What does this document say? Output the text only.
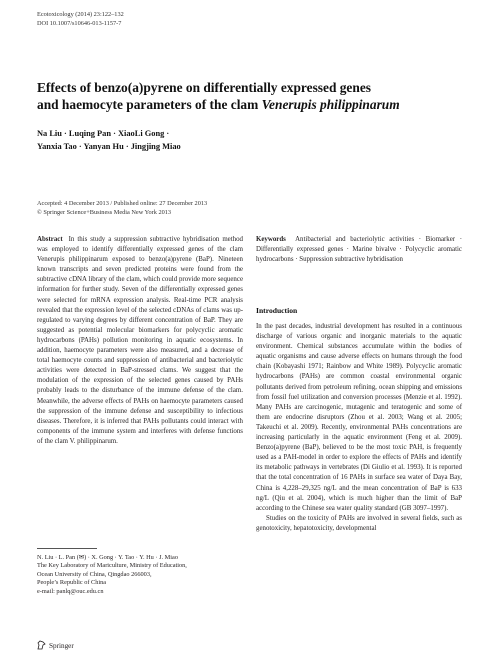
Ecotoxicology (2014) 23:122–132
DOI 10.1007/s10646-013-1157-7
Effects of benzo(a)pyrene on differentially expressed genes
and haemocyte parameters of the clam Venerupis philippinarum
Na Liu · Luqing Pan · XiaoLi Gong ·
Yanxia Tao · Yanyan Hu · Jingjing Miao
Accepted: 4 December 2013 / Published online: 27 December 2013
© Springer Science+Business Media New York 2013
Abstract In this study a suppression subtractive hybridisation method was employed to identify differentially expressed genes of the clam Venerupis philippinarum exposed to benzo(a)pyrene (BaP). Nineteen known transcripts and seven predicted proteins were found from the subtractive cDNA library of the clam, which could provide more sequence information for further study. Seven of the differentially expressed genes were selected for mRNA expression analysis. Real-time PCR analysis revealed that the expression level of the selected cDNAs of clams was up-regulated to varying degrees by different concentration of BaP. They are suggested as potential molecular biomarkers for polycyclic aromatic hydrocarbons (PAHs) pollution monitoring in aquatic ecosystems. In addition, haemocyte parameters were also measured, and a decrease of total haemocyte counts and suppression of antibacterial and bacteriolytic activities were detected in BaP-stressed clams. We suggest that the modulation of the expression of the selected genes caused by PAHs probably leads to the disturbance of the immune defense of the clam. Meanwhile, the adverse effects of PAHs on haemocyte parameters caused the suppression of the immune defense and susceptibility to infectious diseases. Therefore, it is inferred that PAHs pollutants could interact with components of the immune system and interferes with defense functions of the clam V. philippinarum.
Keywords Antibacterial and bacteriolytic activities · Biomarker · Differentially expressed genes · Marine bivalve · Polycyclic aromatic hydrocarbons · Suppression subtractive hybridisation
Introduction

In the past decades, industrial development has resulted in a continuous discharge of various organic and inorganic materials to the aquatic environment. Chemical substances accumulate within the bodies of aquatic organisms and cause adverse effects on humans through the food chain (Kobayashi 1971; Rainbow and White 1989). Polycyclic aromatic hydrocarbons (PAHs) are common coastal environmental organic pollutants derived from petroleum refining, ocean shipping and emissions from fossil fuel utilization and conversion processes (Menzie et al. 1992). Many PAHs are carcinogenic, mutagenic and teratogenic and some of them are endocrine disruptors (Zhou et al. 2003; Wang et al. 2005; Takeuchi et al. 2009). Recently, environmental PAHs concentrations are increasing particularly in the aquatic environment (Feng et al. 2009). Benzo(a)pyrene (BaP), believed to be the most toxic PAH, is frequently used as a PAH-model in order to explore the effects of PAHs and identify its metabolic pathways in vertebrates (Di Giulio et al. 1993). It is reported that the total concentration of 16 PAHs in surface sea water of Daya Bay, China is 4,228–29,325 ng/L and the mean concentration of BaP is 633 ng/L (Qiu et al. 2004), which is much higher than the limit of BaP according to the Chinese sea water quality standard (GB 3097–1997).

Studies on the toxicity of PAHs are involved in several fields, such as genotoxicity, hepatotoxicity, developmental

N. Liu · L. Pan (✉) · X. Gong · Y. Tao · Y. Hu · J. Miao
The Key Laboratory of Mariculture, Ministry of Education,
Ocean University of China, Qingdao 266003,
People’s Republic of China
e-mail: panlq@ouc.edu.cn
Springer
